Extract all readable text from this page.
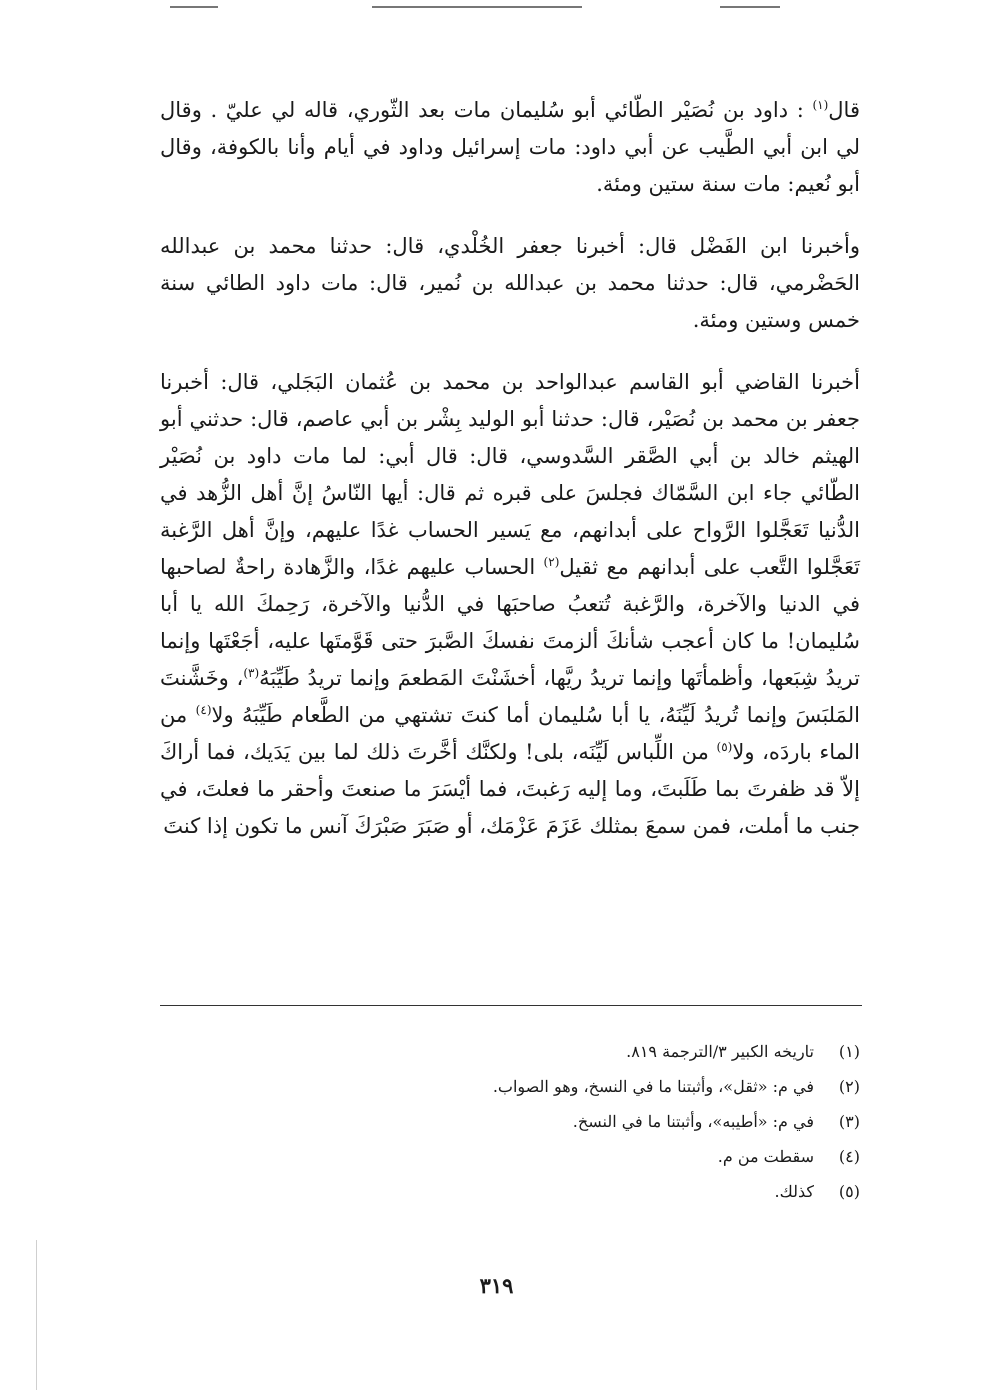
قال$^{(١)}$ : داود بن نُصَيْر الطّائي أبو سُليمان مات بعد الثّوري، قاله لي عليّ . وقال لي ابن أبي الطَّيب عن أبي داود: مات إسرائيل وداود في أيام وأنا بالكوفة، وقال أبو نُعيم: مات سنة ستين ومئة.

وأخبرنا ابن الفَضْل قال: أخبرنا جعفر الخُلْدي، قال: حدثنا محمد بن عبدالله الحَضْرمي، قال: حدثنا محمد بن عبدالله بن نُمير، قال: مات داود الطائي سنة خمس وستين ومئة.

أخبرنا القاضي أبو القاسم عبدالواحد بن محمد بن عُثمان البَجَلي، قال: أخبرنا جعفر بن محمد بن نُصَيْر، قال: حدثنا أبو الوليد بِشْر بن أبي عاصم، قال: حدثني أبو الهيثم خالد بن أبي الصَّقر السَّدوسي، قال: قال أبي: لما مات داود بن نُصَيْر الطّائي جاء ابن السَّمّاك فجلسَ على قبره ثم قال: أيها النّاسُ إنَّ أهل الزُّهد في الدُّنيا تَعَجَّلوا الرَّواح على أبدانهم، مع يَسير الحساب غدًا عليهم، وإنَّ أهل الرَّغبة تَعَجَّلوا التَّعب على أبدانهم مع ثقيل$^{(٢)}$ الحساب عليهم غدًا، والزَّهادة راحةٌ لصاحبها في الدنيا والآخرة، والرَّغبة تُتعبُ صاحبَها في الدُّنيا والآخرة، رَحِمكَ الله يا أبا سُليمان! ما كان أعجب شأنكَ ألزمتَ نفسكَ الصَّبرَ حتى قَوَّمتَها عليه، أجَعْتَها وإنما تريدُ شِبَعها، وأظمأتَها وإنما تريدُ ريَّها، أخشَنْتَ المَطعمَ وإنما تريدُ طَيِّبَهُ$^{(٣)}$، وخَشَّنتَ المَلبَسَ وإنما تُريدُ لَيِّنَهُ، يا أبا سُليمان أما كنتَ تشتهي من الطَّعام طَيِّبَهُ ولا$^{(٤)}$ من الماء باردَه، ولا$^{(٥)}$ من اللِّباس لَيِّنَه، بلى! ولكنَّك أخَّرتَ ذلك لما بين يَدَيك، فما أراكَ إلاّ قد ظفرتَ بما طَلَبتَ، وما إليه رَغبتَ، فما أيْسَرَ ما صنعتَ وأحقر ما فعلتَ، في جنب ما أملت، فمن سمعَ بمثلك عَزَمَ عَزْمَك، أو صَبَرَ صَبْرَكَ آنس ما تكون إذا كنتَ

(١)تاريخه الكبير ٣/الترجمة ٨١٩.
(٢)في م: «ثقل»، وأثبتنا ما في النسخ، وهو الصواب.
(٣)في م: «أطيبه»، وأثبتنا ما في النسخ.
(٤)سقطت من م.
(٥)كذلك.
٣١٩
